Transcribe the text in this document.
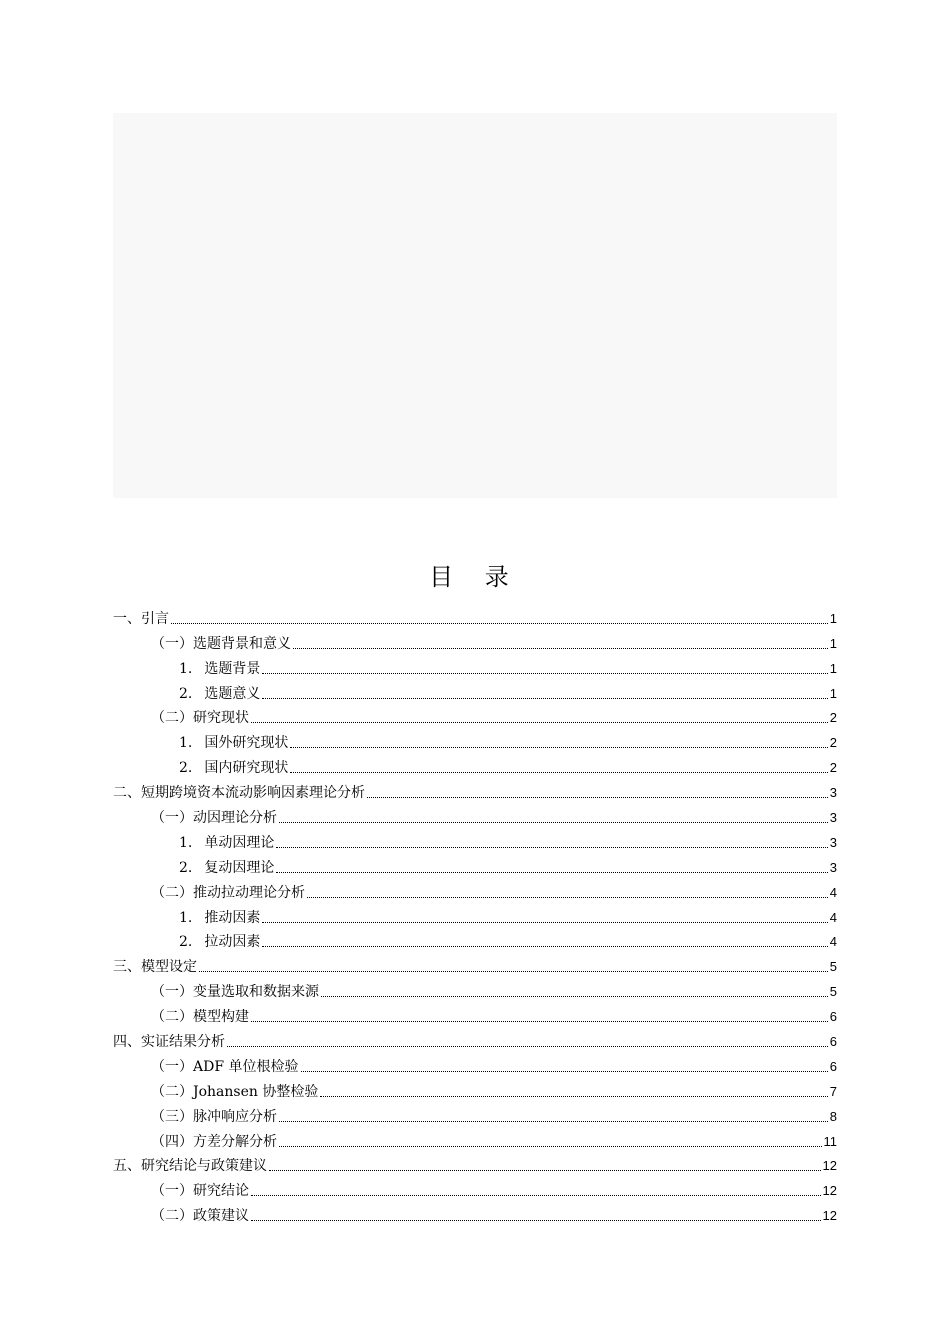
目 录
一、引言	1
（一）选题背景和意义	1
1. 选题背景	1
2. 选题意义	1
（二）研究现状	2
1. 国外研究现状	2
2. 国内研究现状	2
二、短期跨境资本流动影响因素理论分析	3
（一）动因理论分析	3
1. 单动因理论	3
2. 复动因理论	3
（二）推动拉动理论分析	4
1. 推动因素	4
2. 拉动因素	4
三、模型设定	5
（一）变量选取和数据来源	5
（二）模型构建	6
四、实证结果分析	6
（一）ADF 单位根检验	6
（二）Johansen 协整检验	7
（三）脉冲响应分析	8
（四）方差分解分析	11
五、研究结论与政策建议	12
（一）研究结论	12
（二）政策建议	12
